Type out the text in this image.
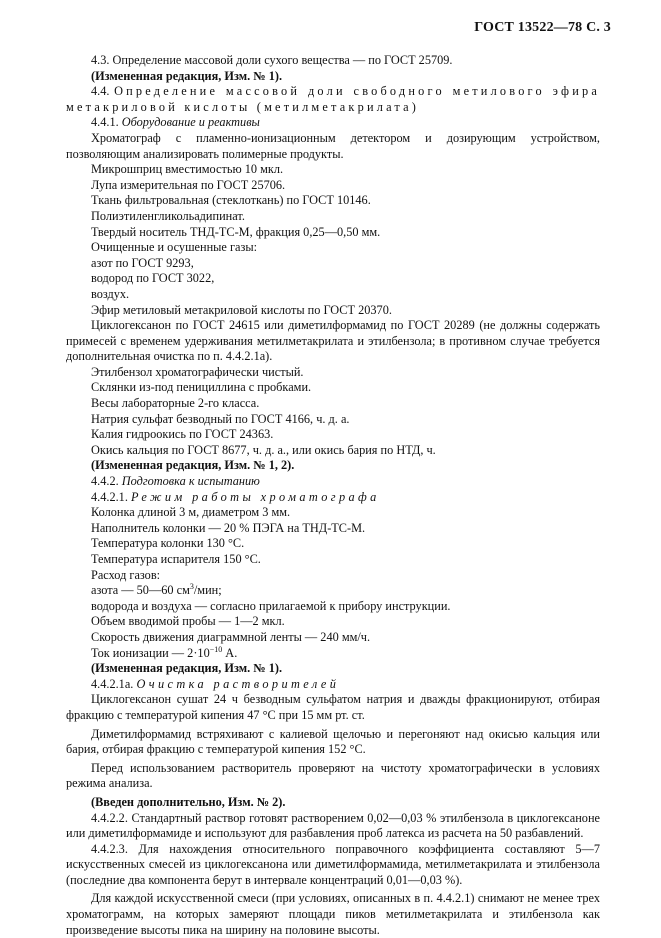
ГОСТ 13522—78 С. 3

4.3. Определение массовой доли сухого вещества — по ГОСТ 25709.

(Измененная редакция, Изм. № 1).

4.4. Определение массовой доли свободного метилового эфира метакриловой кислоты (метилметакрилата)

4.4.1. Оборудование и реактивы

Хроматограф с пламенно-ионизационным детектором и дозирующим устройством, позволяющим анализировать полимерные продукты.

Микрошприц вместимостью 10 мкл.

Лупа измерительная по ГОСТ 25706.

Ткань фильтровальная (стеклоткань) по ГОСТ 10146.

Полиэтиленгликольадипинат.

Твердый носитель ТНД-ТС-М, фракция 0,25—0,50 мм.

Очищенные и осушенные газы:

азот по ГОСТ 9293,

водород по ГОСТ 3022,

воздух.

Эфир метиловый метакриловой кислоты по ГОСТ 20370.

Циклогексанон по ГОСТ 24615 или диметилформамид по ГОСТ 20289 (не должны содержать примесей с временем удерживания метилметакрилата и этилбензола; в противном случае требуется дополнительная очистка по п. 4.4.2.1а).

Этилбензол хроматографически чистый.

Склянки из-под пенициллина с пробками.

Весы лабораторные 2-го класса.

Натрия сульфат безводный по ГОСТ 4166, ч. д. а.

Калия гидроокись по ГОСТ 24363.

Окись кальция по ГОСТ 8677, ч. д. а., или окись бария по НТД, ч.

(Измененная редакция, Изм. № 1, 2).

4.4.2. Подготовка к испытанию

4.4.2.1. Режим работы хроматографа

Колонка длиной 3 м, диаметром 3 мм.

Наполнитель колонки — 20 % ПЭГА на ТНД-ТС-М.

Температура колонки 130 °С.

Температура испарителя 150 °С.

Расход газов:

азота — 50—60 $см^3$/мин;

водорода и воздуха — согласно прилагаемой к прибору инструкции.

Объем вводимой пробы — 1—2 мкл.

Скорость движения диаграммной ленты — 240 мм/ч.

Ток ионизации — $2\cdot 10^{-10}$ А.

(Измененная редакция, Изм. № 1).

4.4.2.1а. Очистка растворителей

Циклогексанон сушат 24 ч безводным сульфатом натрия и дважды фракционируют, отбирая фракцию с температурой кипения 47 °С при 15 мм рт. ст.

Диметилформамид встряхивают с калиевой щелочью и перегоняют над окисью кальция или бария, отбирая фракцию с температурой кипения 152 °С.

Перед использованием растворитель проверяют на чистоту хроматографически в условиях режима анализа.

(Введен дополнительно, Изм. № 2).

4.4.2.2. Стандартный раствор готовят растворением 0,02—0,03 % этилбензола в циклогексаноне или диметилформамиде и используют для разбавления проб латекса из расчета на 50 разбавлений.

4.4.2.3. Для нахождения относительного поправочного коэффициента составляют 5—7 искусственных смесей из циклогексанона или диметилформамида, метилметакрилата и этилбензола (последние два компонента берут в интервале концентраций 0,01—0,03 %).

Для каждой искусственной смеси (при условиях, описанных в п. 4.4.2.1) снимают не менее трех хроматограмм, на которых замеряют площади пиков метилметакрилата и этилбензола как произведение высоты пика на ширину на половине высоты.
